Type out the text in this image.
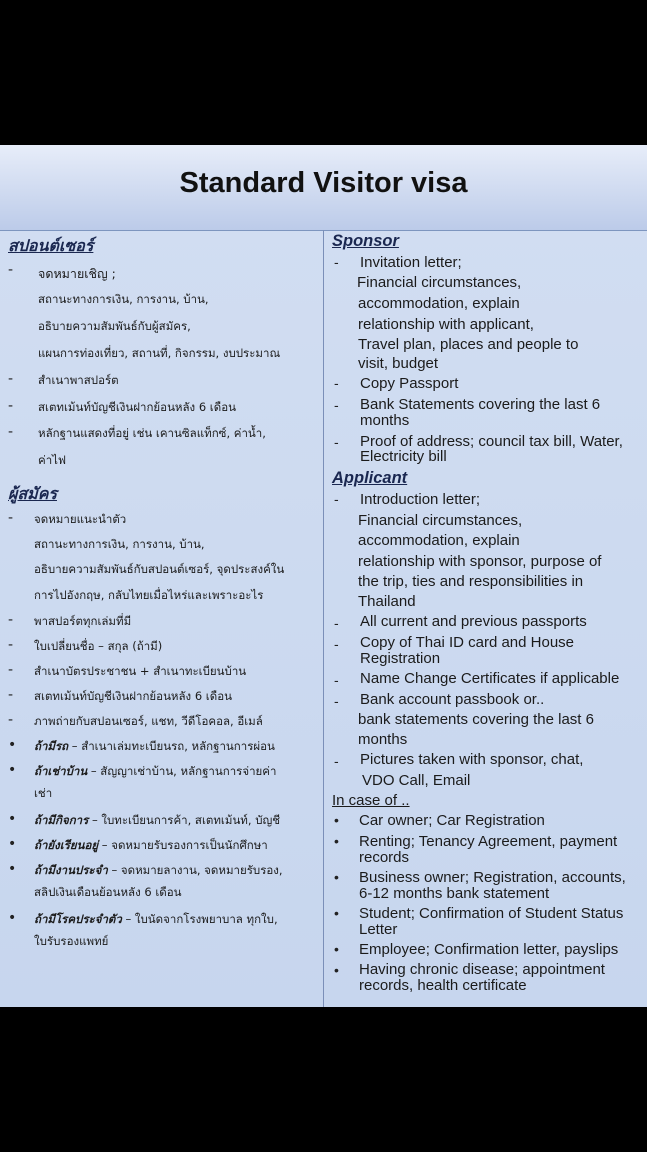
Standard Visitor visa
สปอนต์เซอร์
- จดหมายเชิญ ;
สถานะทางการเงิน, การงาน, บ้าน,
อธิบายความสัมพันธ์กับผู้สมัคร,
แผนการท่องเที่ยว, สถานที่, กิจกรรม, งบประมาณ
- สำเนาพาสปอร์ต
- สเตทเม้นท์บัญชีเงินฝากย้อนหลัง 6 เดือน
- หลักฐานแสดงที่อยู่ เช่น เคานซิลแท็กซ์, ค่าน้ำ,
ค่าไฟ
ผู้สมัคร
- จดหมายแนะนำตัว
สถานะทางการเงิน, การงาน, บ้าน,
อธิบายความสัมพันธ์กับสปอนต์เซอร์, จุดประสงค์ใน
การไปอังกฤษ, กลับไทยเมื่อไหร่และเพราะอะไร
- พาสปอร์ตทุกเล่มที่มี
- ใบเปลี่ยนชื่อ – สกุล (ถ้ามี)
- สำเนาบัตรประชาชน + สำเนาทะเบียนบ้าน
- สเตทเม้นท์บัญชีเงินฝากย้อนหลัง 6 เดือน
- ภาพถ่ายกับสปอนเซอร์, แชท, วีดีโอคอล, อีเมล์
• ถ้ามีรถ – สำเนาเล่มทะเบียนรถ, หลักฐานการผ่อน
• ถ้าเช่าบ้าน – สัญญาเช่าบ้าน, หลักฐานการจ่ายค่า
เช่า
• ถ้ามีกิจการ – ใบทะเบียนการค้า, สเตทเม้นท์, บัญชี
• ถ้ายังเรียนอยู่ – จดหมายรับรองการเป็นนักศึกษา
• ถ้ามีงานประจำ – จดหมายลางาน, จดหมายรับรอง,
สลิปเงินเดือนย้อนหลัง 6 เดือน
• ถ้ามีโรคประจำตัว – ใบนัดจากโรงพยาบาล ทุกใบ,
ใบรับรองแพทย์
Sponsor
- Invitation letter;
Financial circumstances,
accommodation, explain
relationship with applicant,
Travel plan, places and people to
visit, budget
- Copy Passport
- Bank Statements covering the last 6
months
- Proof of address; council tax bill, Water,
Electricity bill
Applicant
- Introduction letter;
Financial circumstances,
accommodation, explain
relationship with sponsor, purpose of
the trip, ties and responsibilities in
Thailand
- All current and previous passports
- Copy of Thai ID card and House
Registration
- Name Change Certificates if applicable
- Bank account passbook or..
bank statements covering the last 6
months
- Pictures taken with sponsor, chat,
VDO Call, Email
In case of ..
• Car owner; Car Registration
• Renting; Tenancy Agreement, payment
records
• Business owner; Registration, accounts,
6-12 months bank statement
• Student; Confirmation of Student Status
Letter
• Employee; Confirmation letter, payslips
• Having chronic disease; appointment
records, health certificate
